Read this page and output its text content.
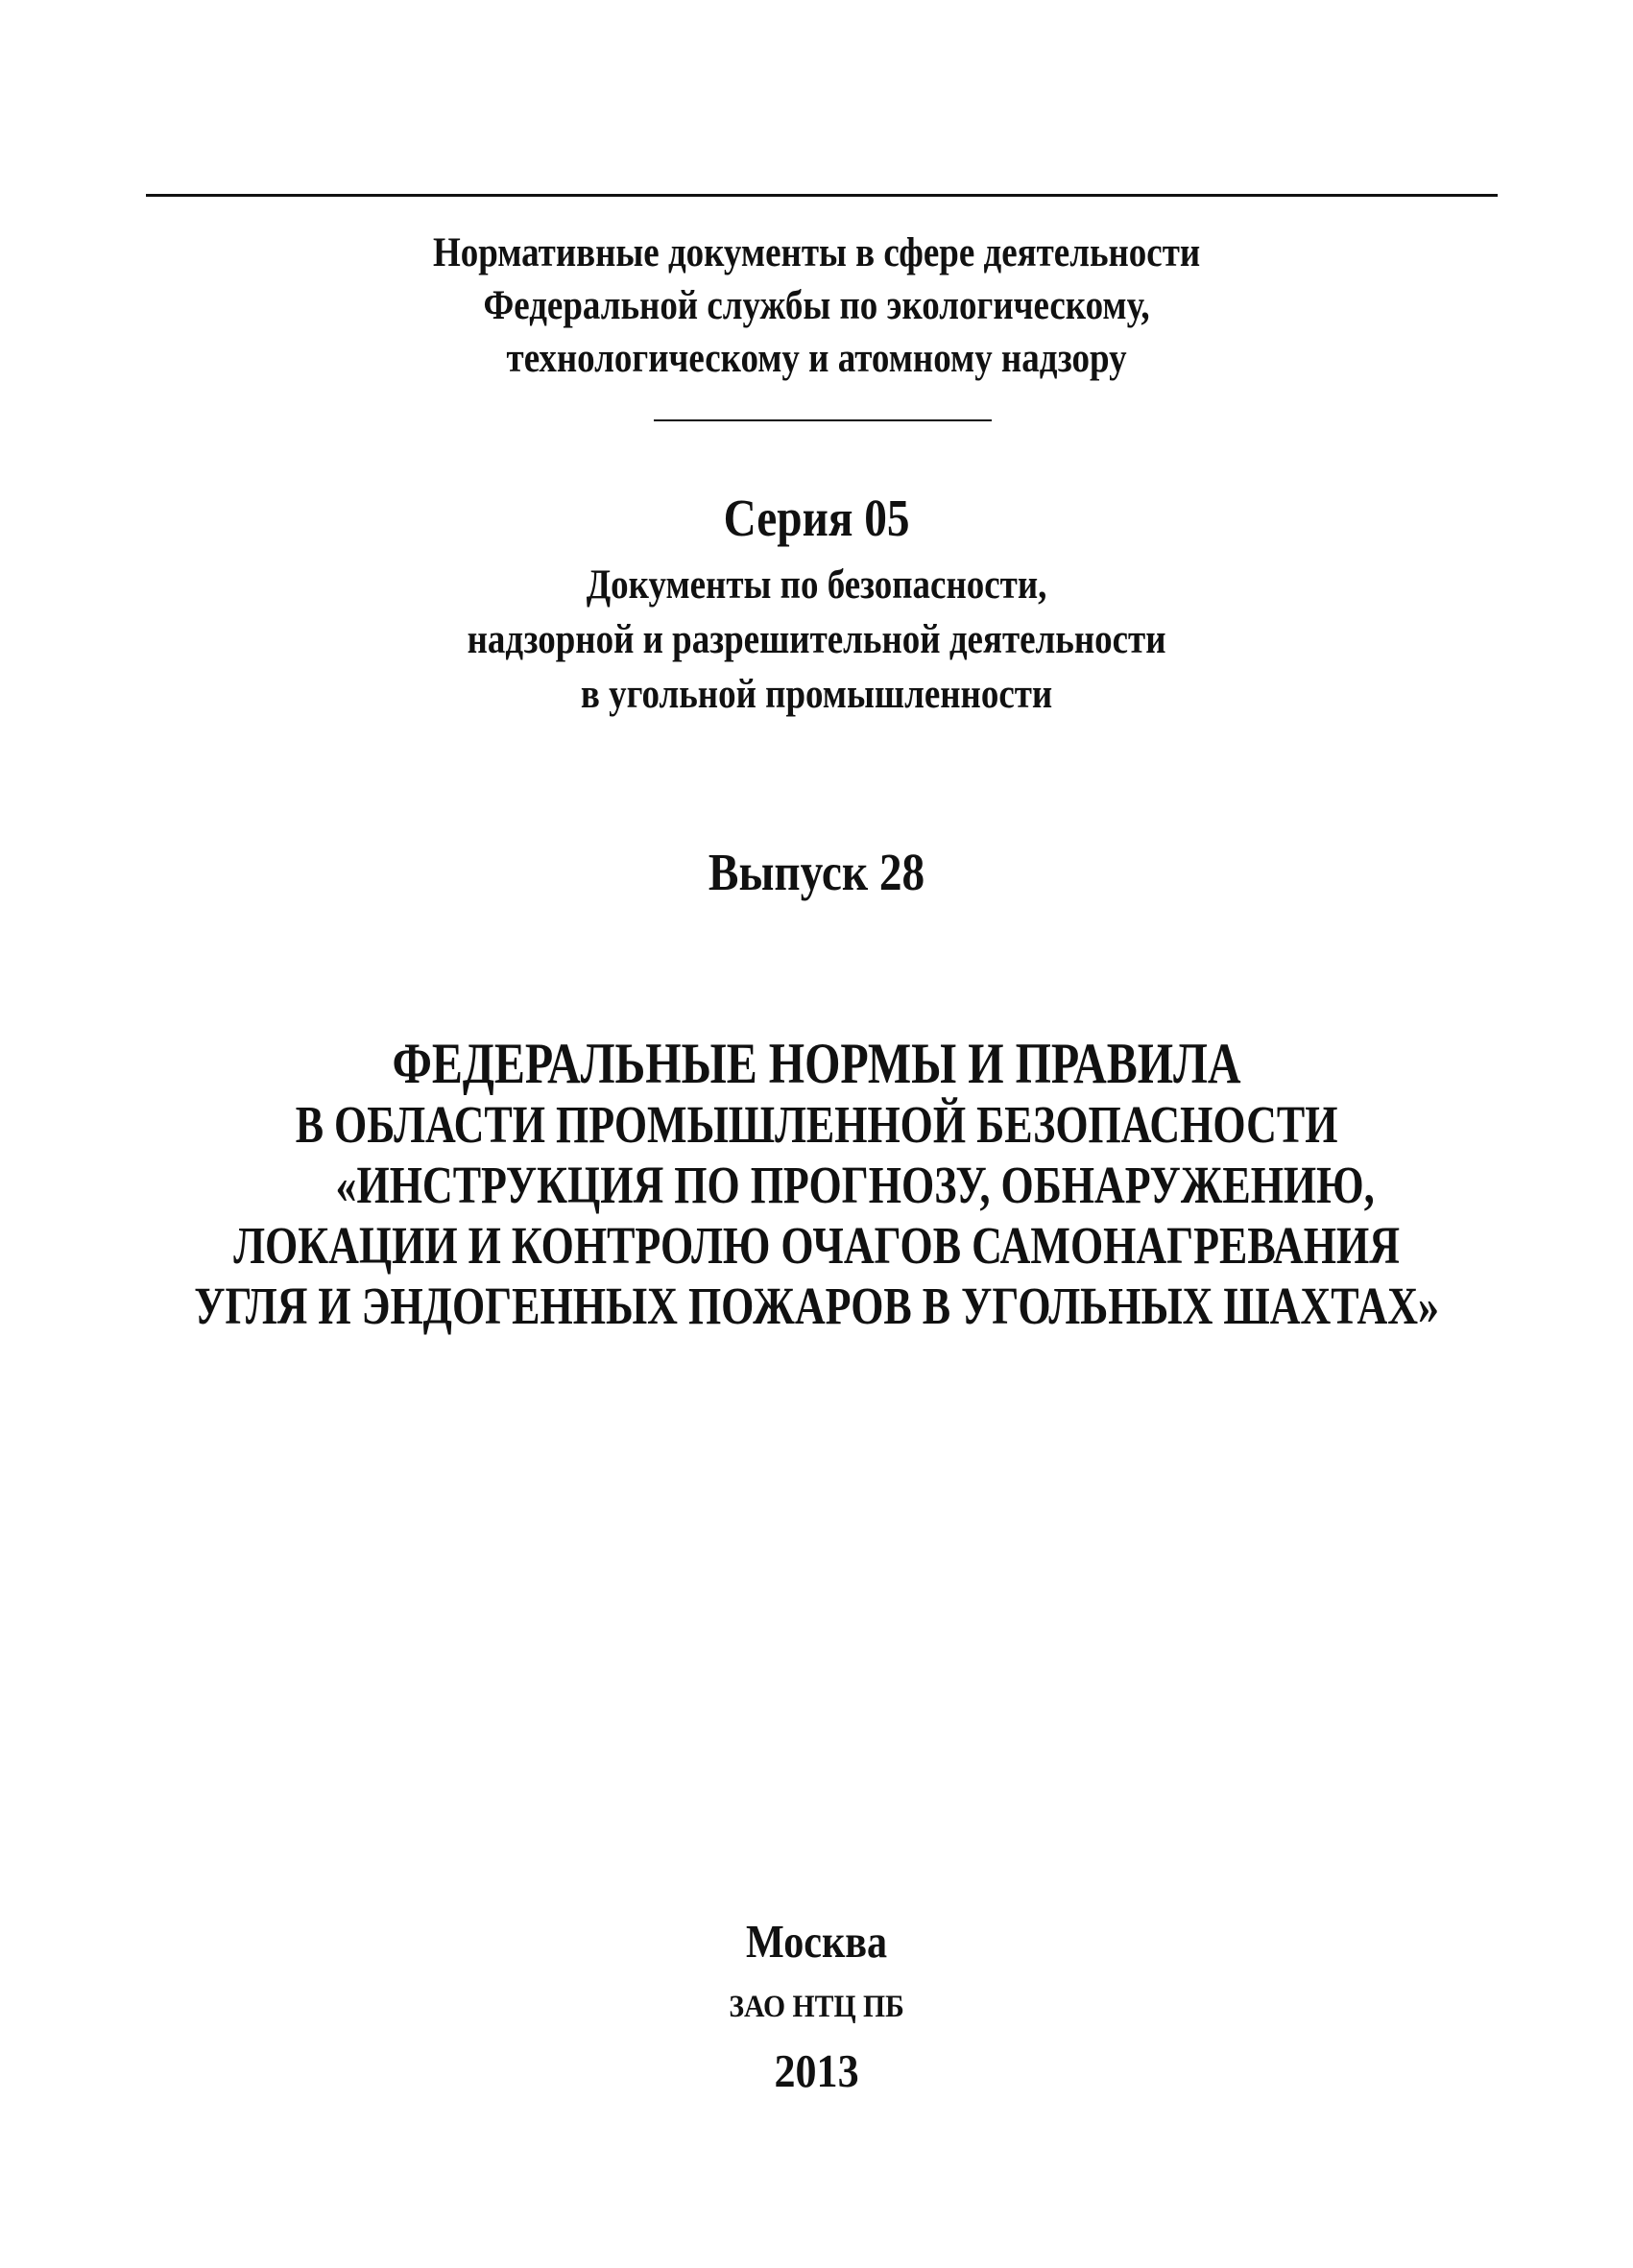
Нормативные документы в сфере деятельности
Федеральной службы по экологическому,
технологическому и атомному надзору
Серия 05
Документы по безопасности,
надзорной и разрешительной деятельности
в угольной промышленности
Выпуск 28
ФЕДЕРАЛЬНЫЕ НОРМЫ И ПРАВИЛА
В ОБЛАСТИ ПРОМЫШЛЕННОЙ БЕЗОПАСНОСТИ
«ИНСТРУКЦИЯ ПО ПРОГНОЗУ, ОБНАРУЖЕНИЮ,
ЛОКАЦИИ И КОНТРОЛЮ ОЧАГОВ САМОНАГРЕВАНИЯ
УГЛЯ И ЭНДОГЕННЫХ ПОЖАРОВ В УГОЛЬНЫХ ШАХТАХ»
Москва
ЗАО НТЦ ПБ
2013
